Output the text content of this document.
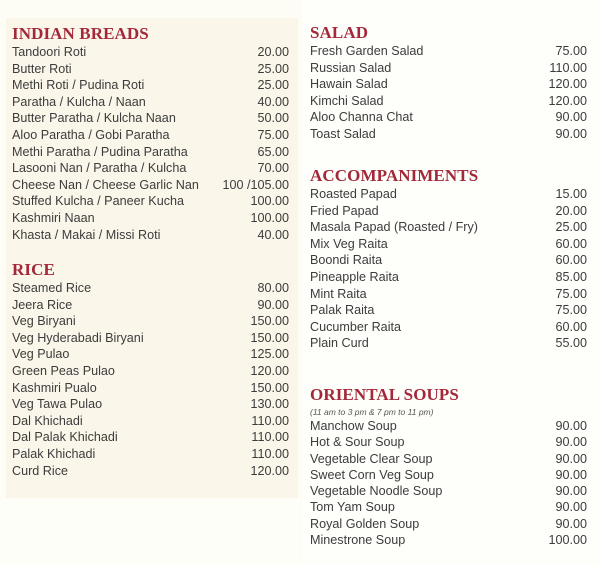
INDIAN BREADS
Tandoori Roti	20.00
Butter Roti	25.00
Methi Roti / Pudina Roti	25.00
Paratha / Kulcha / Naan	40.00
Butter Paratha / Kulcha Naan	50.00
Aloo Paratha / Gobi Paratha	75.00
Methi Paratha / Pudina Paratha	65.00
Lasooni Nan / Paratha / Kulcha	70.00
Cheese Nan / Cheese Garlic Nan 100 /105.00
Stuffed Kulcha / Paneer Kucha	100.00
Kashmiri Naan	100.00
Khasta / Makai / Missi Roti	40.00
RICE
Steamed Rice	80.00
Jeera Rice	90.00
Veg Biryani	150.00
Veg Hyderabadi Biryani	150.00
Veg Pulao	125.00
Green Peas Pulao	120.00
Kashmiri Pualo	150.00
Veg Tawa Pulao	130.00
Dal Khichadi	110.00
Dal Palak Khichadi	110.00
Palak Khichadi	110.00
Curd Rice	120.00
SALAD
Fresh Garden Salad	75.00
Russian Salad	110.00
Hawain Salad	120.00
Kimchi Salad	120.00
Aloo Channa Chat	90.00
Toast Salad	90.00
ACCOMPANIMENTS
Roasted Papad	15.00
Fried Papad	20.00
Masala Papad (Roasted / Fry)	25.00
Mix Veg Raita	60.00
Boondi Raita	60.00
Pineapple Raita	85.00
Mint Raita	75.00
Palak Raita	75.00
Cucumber Raita	60.00
Plain Curd	55.00
ORIENTAL SOUPS
(11 am to 3 pm & 7 pm to 11 pm)
Manchow Soup	90.00
Hot & Sour Soup	90.00
Vegetable Clear Soup	90.00
Sweet Corn Veg Soup	90.00
Vegetable Noodle Soup	90.00
Tom Yam Soup	90.00
Royal Golden Soup	90.00
Minestrone Soup	100.00
